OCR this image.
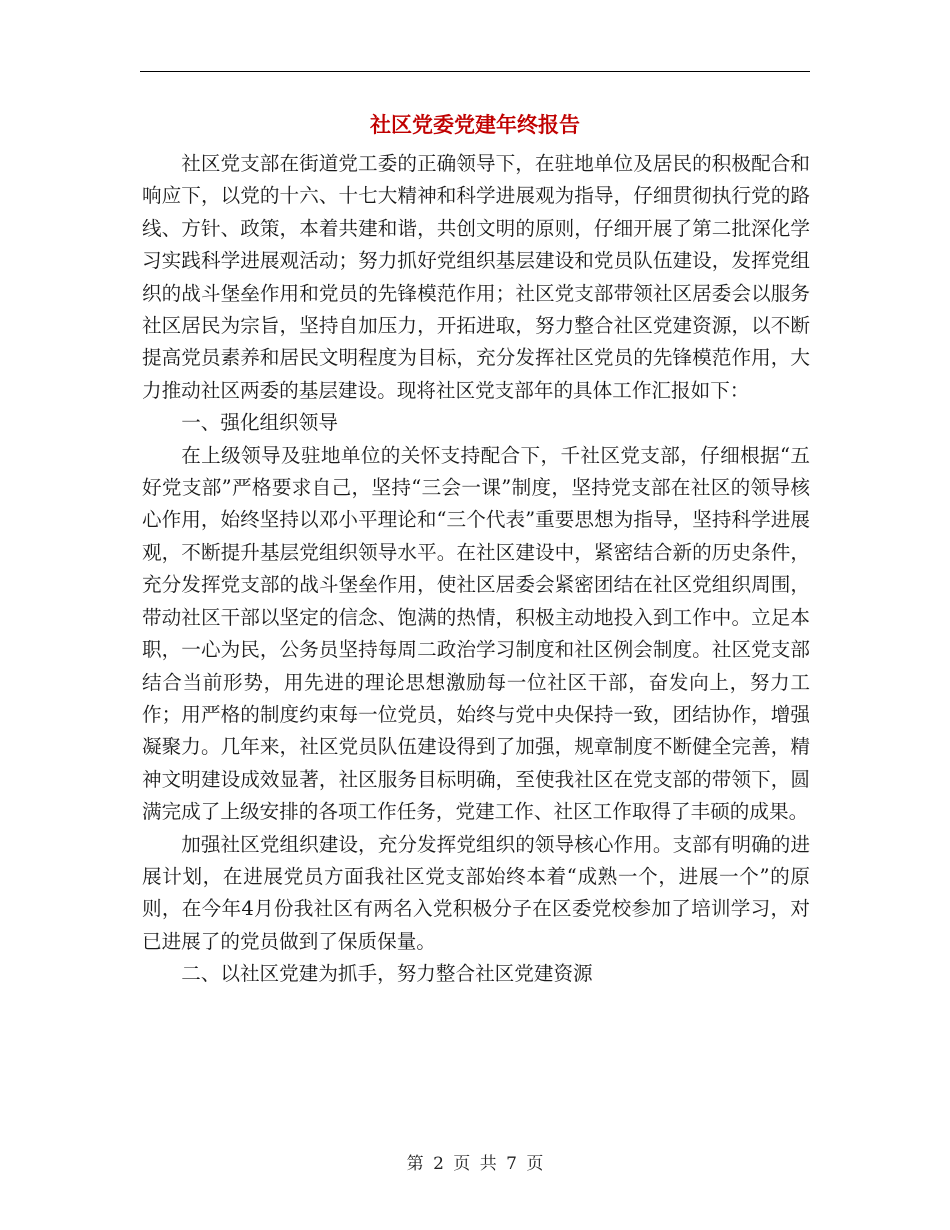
社区党委党建年终报告

社区党支部在街道党工委的正确领导下，在驻地单位及居民的积极配合和响应下，以党的十六、十七大精神和科学进展观为指导，仔细贯彻执行党的路线、方针、政策，本着共建和谐，共创文明的原则，仔细开展了第二批深化学习实践科学进展观活动；努力抓好党组织基层建设和党员队伍建设，发挥党组织的战斗堡垒作用和党员的先锋模范作用；社区党支部带领社区居委会以服务社区居民为宗旨，坚持自加压力，开拓进取，努力整合社区党建资源，以不断提高党员素养和居民文明程度为目标，充分发挥社区党员的先锋模范作用，大力推动社区两委的基层建设。现将社区党支部年的具体工作汇报如下：

一、强化组织领导

在上级领导及驻地单位的关怀支持配合下，千社区党支部，仔细根据“五好党支部”严格要求自己，坚持“三会一课”制度，坚持党支部在社区的领导核心作用，始终坚持以邓小平理论和“三个代表”重要思想为指导，坚持科学进展观，不断提升基层党组织领导水平。在社区建设中，紧密结合新的历史条件，充分发挥党支部的战斗堡垒作用，使社区居委会紧密团结在社区党组织周围，带动社区干部以坚定的信念、饱满的热情，积极主动地投入到工作中。立足本职，一心为民，公务员坚持每周二政治学习制度和社区例会制度。社区党支部结合当前形势，用先进的理论思想激励每一位社区干部，奋发向上，努力工作；用严格的制度约束每一位党员，始终与党中央保持一致，团结协作，增强凝聚力。几年来，社区党员队伍建设得到了加强，规章制度不断健全完善，精神文明建设成效显著，社区服务目标明确，至使我社区在党支部的带领下，圆满完成了上级安排的各项工作任务，党建工作、社区工作取得了丰硕的成果。

加强社区党组织建设，充分发挥党组织的领导核心作用。支部有明确的进展计划，在进展党员方面我社区党支部始终本着“成熟一个，进展一个”的原则，在今年4月份我社区有两名入党积极分子在区委党校参加了培训学习，对已进展了的党员做到了保质保量。

二、以社区党建为抓手，努力整合社区党建资源

第 2 页 共 7 页
